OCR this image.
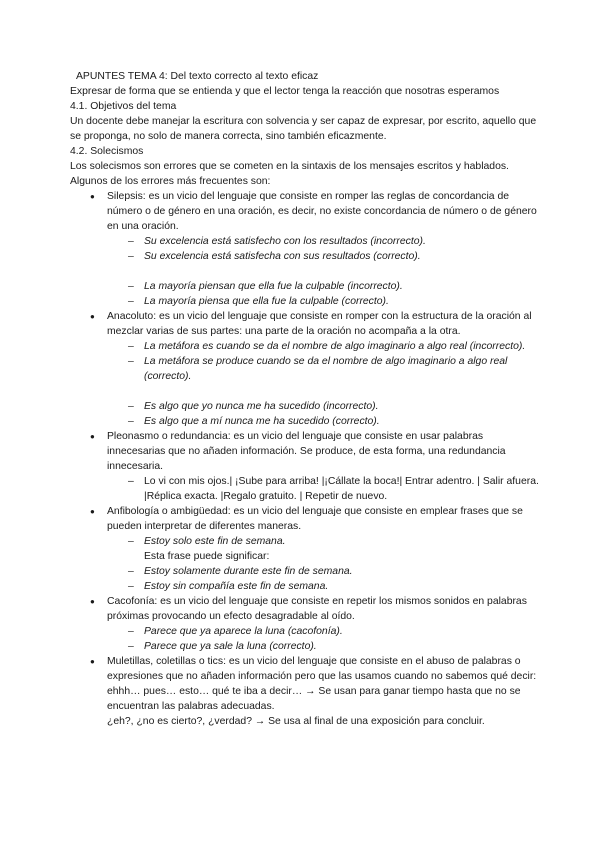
APUNTES TEMA 4: Del texto correcto al texto eficaz

Expresar de forma que se entienda y que el lector tenga la reacción que nosotras esperamos

4.1. Objetivos del tema

Un docente debe manejar la escritura con solvencia y ser capaz de expresar, por escrito, aquello que se proponga, no solo de manera correcta, sino también eficazmente.

4.2. Solecismos

Los solecismos son errores que se cometen en la sintaxis de los mensajes escritos y hablados. Algunos de los errores más frecuentes son:

● Silepsis: es un vicio del lenguaje que consiste en romper las reglas de concordancia de número o de género en una oración, es decir, no existe concordancia de número o de género en una oración.
– Su excelencia está satisfecho con los resultados (incorrecto).
– Su excelencia está satisfecha con sus resultados (correcto).
– La mayoría piensan que ella fue la culpable (incorrecto).
– La mayoría piensa que ella fue la culpable (correcto).
● Anacoluto: es un vicio del lenguaje que consiste en romper con la estructura de la oración al mezclar varias de sus partes: una parte de la oración no acompaña a la otra.
– La metáfora es cuando se da el nombre de algo imaginario a algo real (incorrecto).
– La metáfora se produce cuando se da el nombre de algo imaginario a algo real (correcto).
– Es algo que yo nunca me ha sucedido (incorrecto).
– Es algo que a mí nunca me ha sucedido (correcto).
● Pleonasmo o redundancia: es un vicio del lenguaje que consiste en usar palabras innecesarias que no añaden información. Se produce, de esta forma, una redundancia innecesaria.
– Lo vi con mis ojos.| ¡Sube para arriba! |¡Cállate la boca!| Entrar adentro. | Salir afuera. |Réplica exacta. |Regalo gratuito. | Repetir de nuevo.
● Anfibología o ambigüedad: es un vicio del lenguaje que consiste en emplear frases que se pueden interpretar de diferentes maneras.
– Estoy solo este fin de semana.

Esta frase puede significar:

– Estoy solamente durante este fin de semana.
– Estoy sin compañía este fin de semana.
● Cacofonía: es un vicio del lenguaje que consiste en repetir los mismos sonidos en palabras próximas provocando un efecto desagradable al oído.
– Parece que ya aparece la luna (cacofonía).
– Parece que ya sale la luna (correcto).
● Muletillas, coletillas o tics: es un vicio del lenguaje que consiste en el abuso de palabras o expresiones que no añaden información pero que las usamos cuando no sabemos qué decir:
ehhh… pues… esto… qué te iba a decir… → Se usan para ganar tiempo hasta que no se encuentran las palabras adecuadas.
¿eh?, ¿no es cierto?, ¿verdad? → Se usa al final de una exposición para concluir.
